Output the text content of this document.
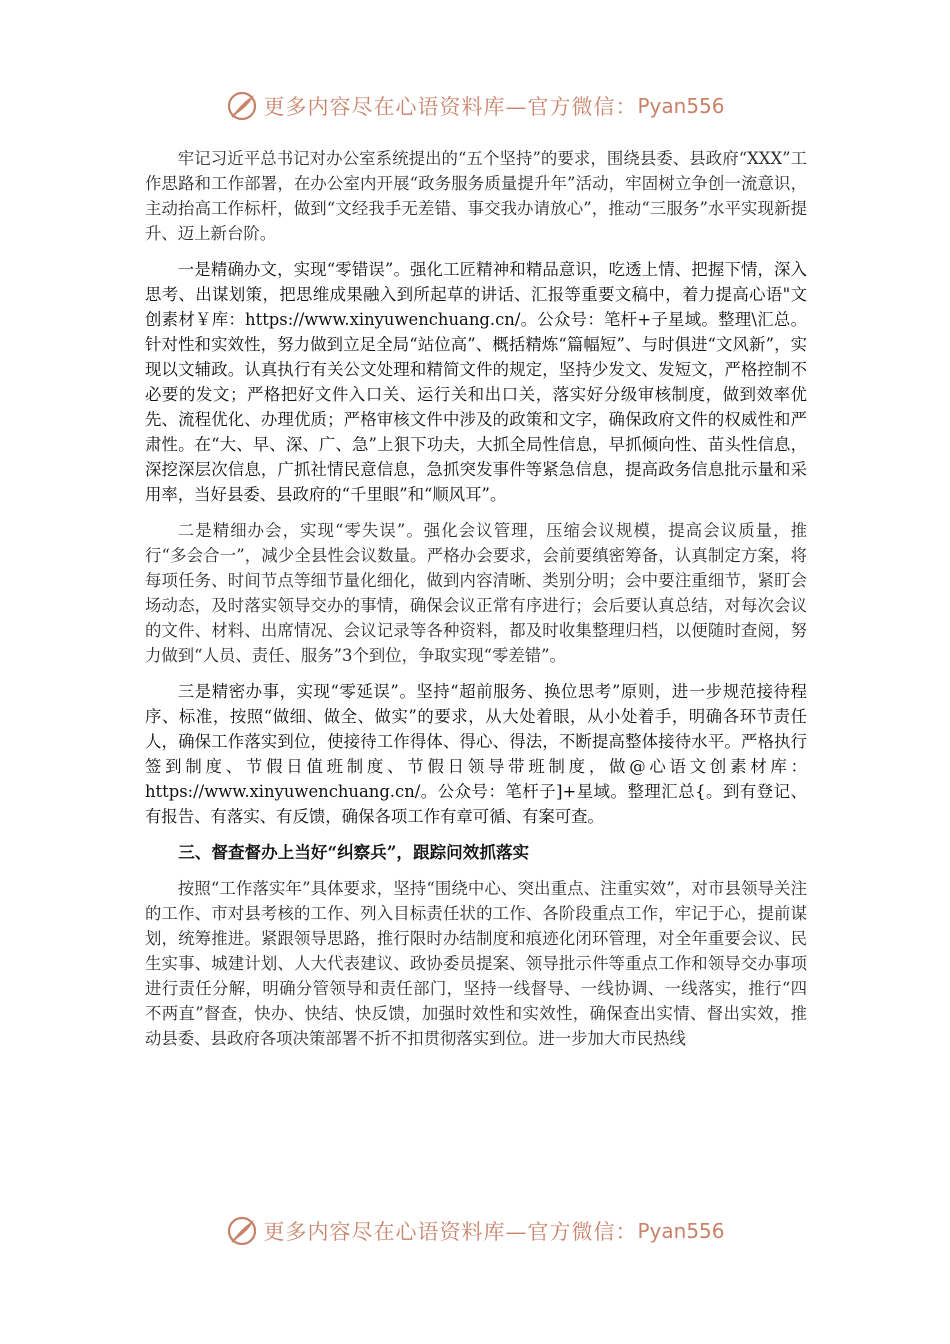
更多内容尽在心语资料库—官方微信： Pyan556

牢记习近平总书记对办公室系统提出的“五个坚持”的要求，围绕县委、县政府“XXX”工作思路和工作部署，在办公室内开展“政务服务质量提升年”活动，牢固树立争创一流意识，主动抬高工作标杆，做到“文经我手无差错、事交我办请放心”，推动“三服务”水平实现新提升、迈上新台阶。

一是精确办文，实现“零错误”。强化工匠精神和精品意识，吃透上情、把握下情，深入思考、出谋划策，把思维成果融入到所起草的讲话、汇报等重要文稿中，着力提高心语"文创素材￥库：https://www.xinyuwenchuang.cn/。公众号：笔杆+子星域。整理\汇总。针对性和实效性，努力做到立足全局“站位高”、概括精炼“篇幅短”、与时俱进“文风新”，实现以文辅政。认真执行有关公文处理和精简文件的规定，坚持少发文、发短文，严格控制不必要的发文；严格把好文件入口关、运行关和出口关，落实好分级审核制度，做到效率优先、流程优化、办理优质；严格审核文件中涉及的政策和文字，确保政府文件的权威性和严肃性。在“大、早、深、广、急”上狠下功夫，大抓全局性信息，早抓倾向性、苗头性信息，深挖深层次信息，广抓社情民意信息，急抓突发事件等紧急信息，提高政务信息批示量和采用率，当好县委、县政府的“千里眼”和“顺风耳”。

二是精细办会，实现“零失误”。强化会议管理，压缩会议规模，提高会议质量，推行“多会合一”，减少全县性会议数量。严格办会要求，会前要缜密筹备，认真制定方案，将每项任务、时间节点等细节量化细化，做到内容清晰、类别分明；会中要注重细节，紧盯会场动态，及时落实领导交办的事情，确保会议正常有序进行；会后要认真总结，对每次会议的文件、材料、出席情况、会议记录等各种资料，都及时收集整理归档，以便随时查阅，努力做到“人员、责任、服务”3个到位，争取实现“零差错”。

三是精密办事，实现“零延误”。坚持“超前服务、换位思考”原则，进一步规范接待程序、标准，按照“做细、做全、做实”的要求，从大处着眼，从小处着手，明确各环节责任人，确保工作落实到位，使接待工作得体、得心、得法，不断提高整体接待水平。严格执行签到制度、节假日值班制度、节假日领导带班制度，做@心语文创素材库：https://www.xinyuwenchuang.cn/。公众号：笔杆子]+星域。整理汇总{。到有登记、有报告、有落实、有反馈，确保各项工作有章可循、有案可查。

三、督查督办上当好“纠察兵”，跟踪问效抓落实

按照“工作落实年”具体要求，坚持“围绕中心、突出重点、注重实效”，对市县领导关注的工作、市对县考核的工作、列入目标责任状的工作、各阶段重点工作，牢记于心，提前谋划，统筹推进。紧跟领导思路，推行限时办结制度和痕迹化闭环管理，对全年重要会议、民生实事、城建计划、人大代表建议、政协委员提案、领导批示件等重点工作和领导交办事项进行责任分解，明确分管领导和责任部门，坚持一线督导、一线协调、一线落实，推行“四不两直”督查，快办、快结、快反馈，加强时效性和实效性，确保查出实情、督出实效，推动县委、县政府各项决策部署不折不扣贯彻落实到位。进一步加大市民热线

更多内容尽在心语资料库—官方微信： Pyan556
